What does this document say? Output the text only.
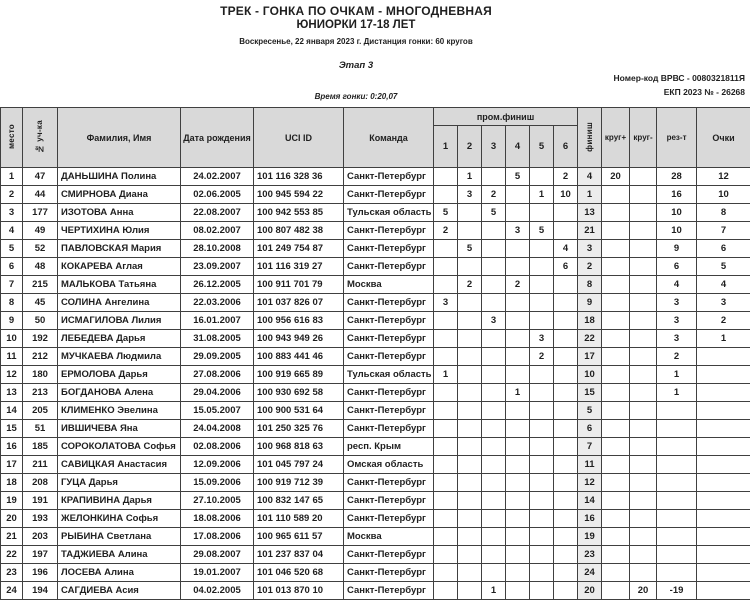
ТРЕК - ГОНКА ПО ОЧКАМ - МНОГОДНЕВНАЯ
ЮНИОРКИ 17-18 ЛЕТ
Воскресенье, 22 января 2023 г. Дистанция гонки: 60 кругов
Этап 3
Время гонки: 0:20,07
Номер-код ВРВС - 0080321811Я
ЕКП 2023 № - 26268
место	№ уч-ка	Фамилия, Имя	Дата рождения	UCI ID	Команда	пром.финиш						финиш	круг+	круг-	рез-т	Очки
						1	2	3	4	5	6					
1	47	ДАНЬШИНА Полина	24.02.2007	101 116 328 36	Санкт-Петербург		1		5		2	4	20		28	12
2	44	СМИРНОВА Диана	02.06.2005	100 945 594 22	Санкт-Петербург		3	2		1	10	1			16	10
3	177	ИЗОТОВА Анна	22.08.2007	100 942 553 85	Тульская область	5		5				13			10	8
4	49	ЧЕРТИХИНА Юлия	08.02.2007	100 807 482 38	Санкт-Петербург	2			3	5		21			10	7
5	52	ПАВЛОВСКАЯ Мария	28.10.2008	101 249 754 87	Санкт-Петербург		5				4	3			9	6
6	48	КОКАРЕВА Аглая	23.09.2007	101 116 319 27	Санкт-Петербург						6	2			6	5
7	215	МАЛЬКОВА Татьяна	26.12.2005	100 911 701 79	Москва		2		2			8			4	4
8	45	СОЛИНА Ангелина	22.03.2006	101 037 826 07	Санкт-Петербург	3						9			3	3
9	50	ИСМАГИЛОВА Лилия	16.01.2007	100 956 616 83	Санкт-Петербург			3				18			3	2
10	192	ЛЕБЕДЕВА Дарья	31.08.2005	100 943 949 26	Санкт-Петербург					3		22			3	1
11	212	МУЧКАЕВА Людмила	29.09.2005	100 883 441 46	Санкт-Петербург					2		17			2	
12	180	ЕРМОЛОВА Дарья	27.08.2006	100 919 665 89	Тульская область	1						10			1	
13	213	БОГДАНОВА Алена	29.04.2006	100 930 692 58	Санкт-Петербург				1			15			1	
14	205	КЛИМЕНКО Эвелина	15.05.2007	100 900 531 64	Санкт-Петербург							5				
15	51	ИВШИЧЕВА Яна	24.04.2008	101 250 325 76	Санкт-Петербург							6				
16	185	СОРОКОЛАТОВА Софья	02.08.2006	100 968 818 63	респ. Крым							7				
17	211	САВИЦКАЯ Анастасия	12.09.2006	101 045 797 24	Омская область							11				
18	208	ГУЦА Дарья	15.09.2006	100 919 712 39	Санкт-Петербург							12				
19	191	КРАПИВИНА Дарья	27.10.2005	100 832 147 65	Санкт-Петербург							14				
20	193	ЖЕЛОНКИНА Софья	18.08.2006	101 110 589 20	Санкт-Петербург							16				
21	203	РЫБИНА Светлана	17.08.2006	100 965 611 57	Москва							19				
22	197	ТАДЖИЕВА Алина	29.08.2007	101 237 837 04	Санкт-Петербург							23				
23	196	ЛОСЕВА Алина	19.01.2007	101 046 520 68	Санкт-Петербург							24				
24	194	САГДИЕВА Асия	04.02.2005	101 013 870 10	Санкт-Петербург			1				20		20	-19	
